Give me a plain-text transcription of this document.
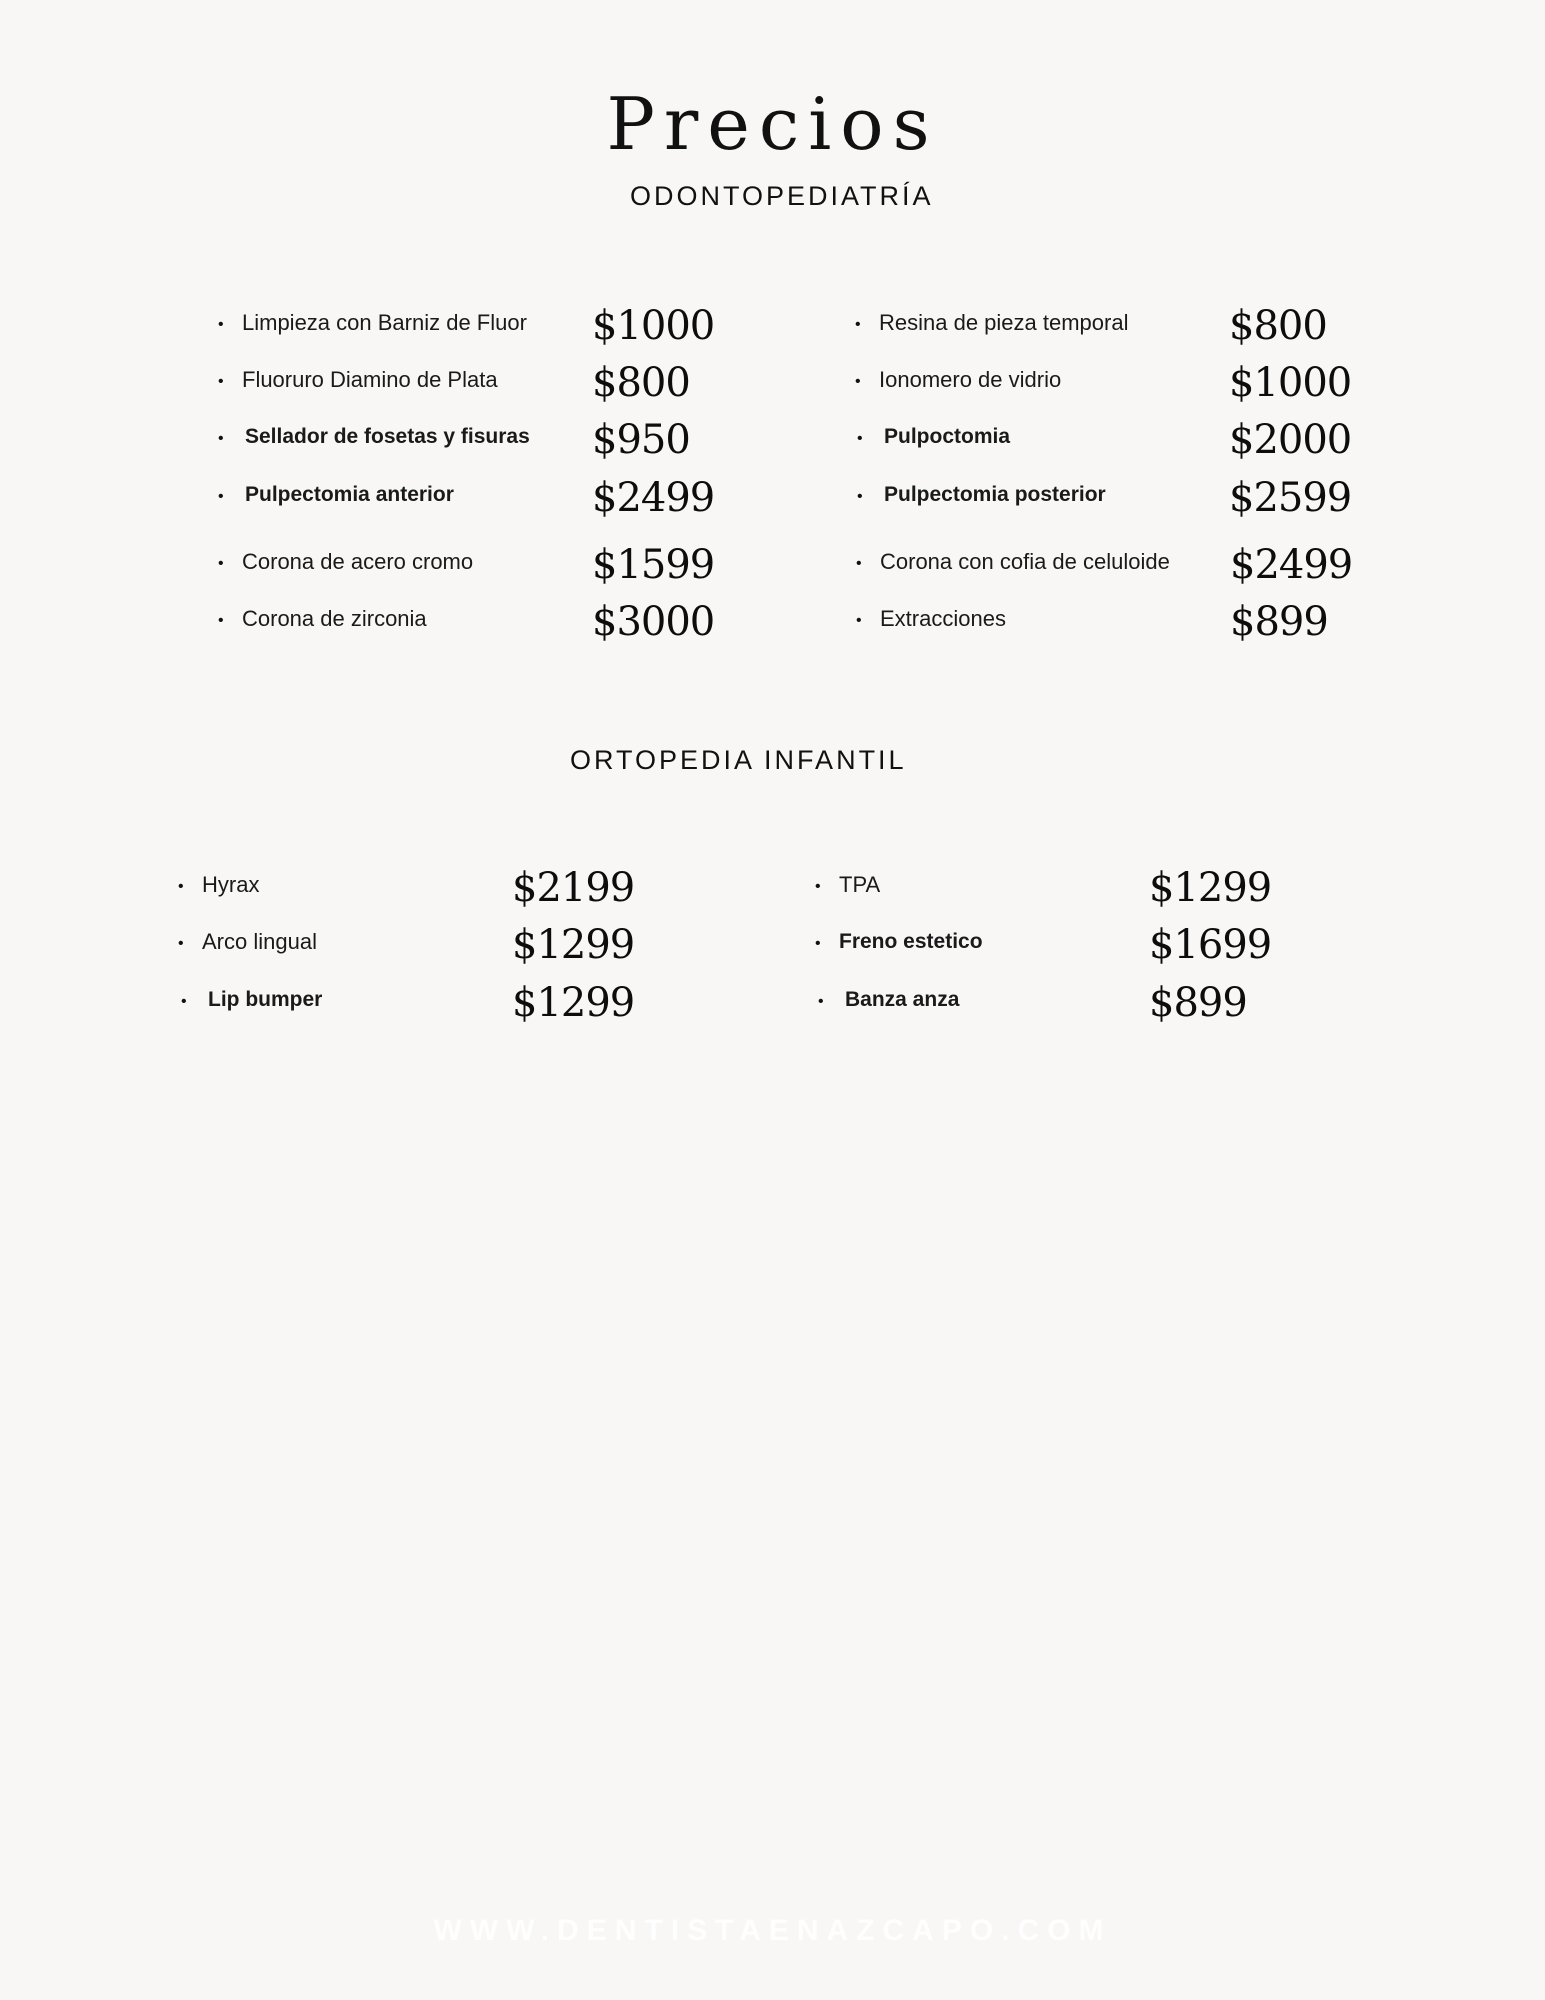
Precios
ODONTOPEDIATRÍA
• Limpieza con Barniz de Fluor $1000
• Fluoruro Diamino de Plata $800
• Sellador de fosetas y fisuras $950
• Pulpectomia anterior	$2499
• Corona de acero cromo	$1599
• Corona de zirconia	$3000
• Resina de pieza temporal	$800
• Ionomero de vidrio	$1000
• Pulpoctomia	$2000
• Pulpectomia posterior	$2599
• Corona con cofia de celuloide $2499
• Extracciones	$899
ORTOPEDIA INFANTIL
• Hyrax	$2199
• Arco lingual	$1299
• Lip bumper	$1299
• TPA	$1299
• Freno estetico	$1699
• Banza anza	$899
WWW.DENTISTAENAZCAPO.COM
